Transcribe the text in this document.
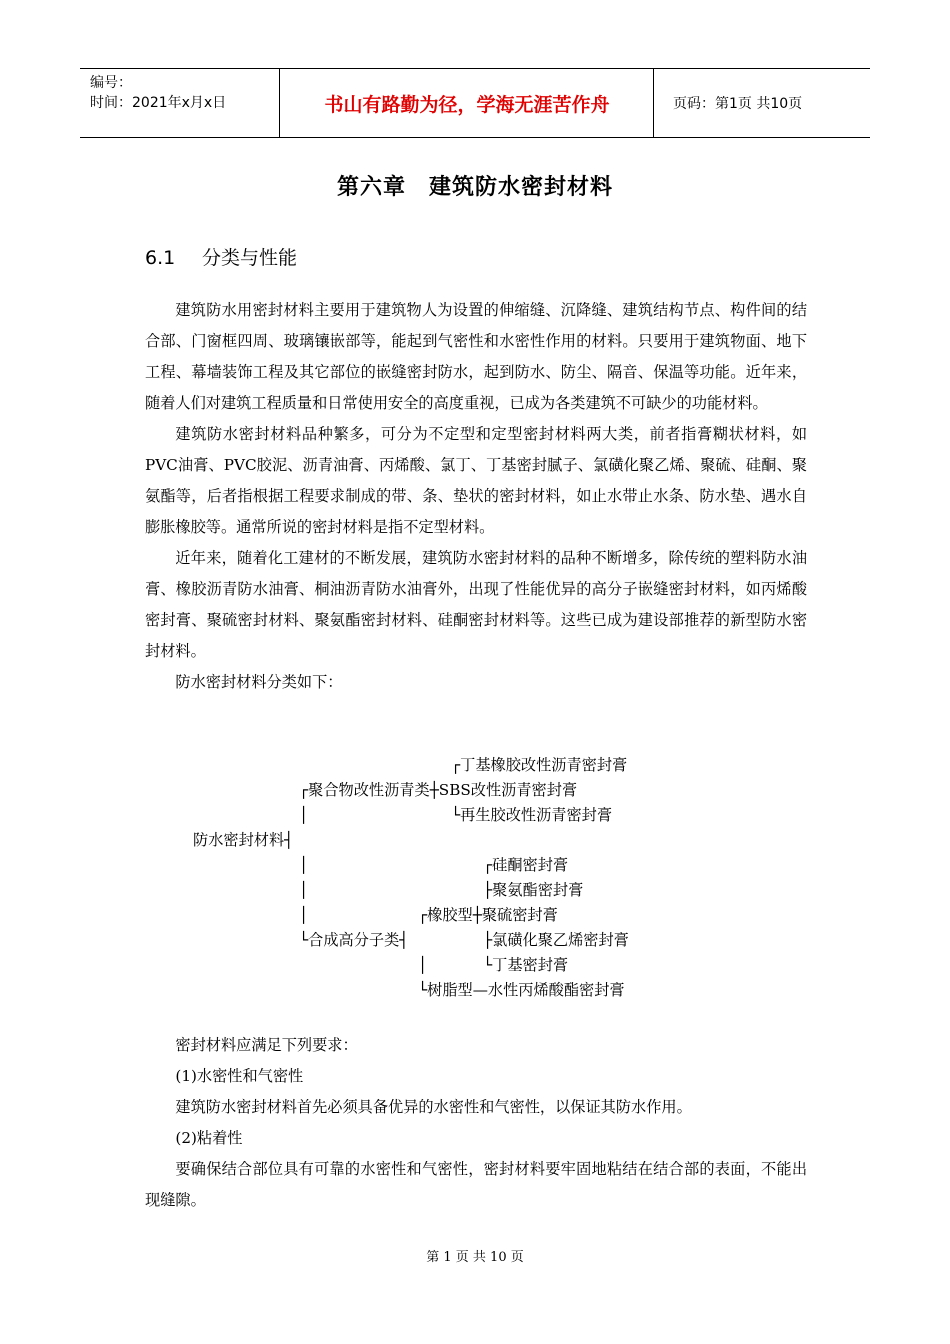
编号：
时间：2021年x月x日	书山有路勤为径，学海无涯苦作舟	页码：第1页 共10页
第六章　建筑防水密封材料
6.1 分类与性能

建筑防水用密封材料主要用于建筑物人为设置的伸缩缝、沉降缝、建筑结构节点、构件间的结合部、门窗框四周、玻璃镶嵌部等，能起到气密性和水密性作用的材料。只要用于建筑物面、地下工程、幕墙装饰工程及其它部位的嵌缝密封防水，起到防水、防尘、隔音、保温等功能。近年来，随着人们对建筑工程质量和日常使用安全的高度重视，已成为各类建筑不可缺少的功能材料。

建筑防水密封材料品种繁多，可分为不定型和定型密封材料两大类，前者指膏糊状材料，如PVC油膏、PVC胶泥、沥青油膏、丙烯酸、氯丁、丁基密封腻子、氯磺化聚乙烯、聚硫、硅酮、聚氨酯等，后者指根据工程要求制成的带、条、垫状的密封材料，如止水带止水条、防水垫、遇水自膨胀橡胶等。通常所说的密封材料是指不定型材料。

近年来，随着化工建材的不断发展，建筑防水密封材料的品种不断增多，除传统的塑料防水油膏、橡胶沥青防水油膏、桐油沥青防水油膏外，出现了性能优异的高分子嵌缝密封材料，如丙烯酸密封膏、聚硫密封材料、聚氨酯密封材料、硅酮密封材料等。这些已成为建设部推荐的新型防水密封材料。

防水密封材料分类如下：

┌丁基橡胶改性沥青密封膏

┌聚合物改性沥青类┼SBS改性沥青密封膏

│

	└再生胶改性沥青密封膏

防水密封材料┤

│

	┌硅酮密封膏

│

	├聚氨酯密封膏

│

	┌橡胶型┼聚硫密封膏

└合成高分子类┤

	├氯磺化聚乙烯密封膏

│

	└丁基密封膏

└树脂型—水性丙烯酸酯密封膏

密封材料应满足下列要求：

(1)水密性和气密性

建筑防水密封材料首先必须具备优异的水密性和气密性，以保证其防水作用。

(2)粘着性

要确保结合部位具有可靠的水密性和气密性，密封材料要牢固地粘结在结合部的表面，不能出现缝隙。

第 1 页 共 10 页
